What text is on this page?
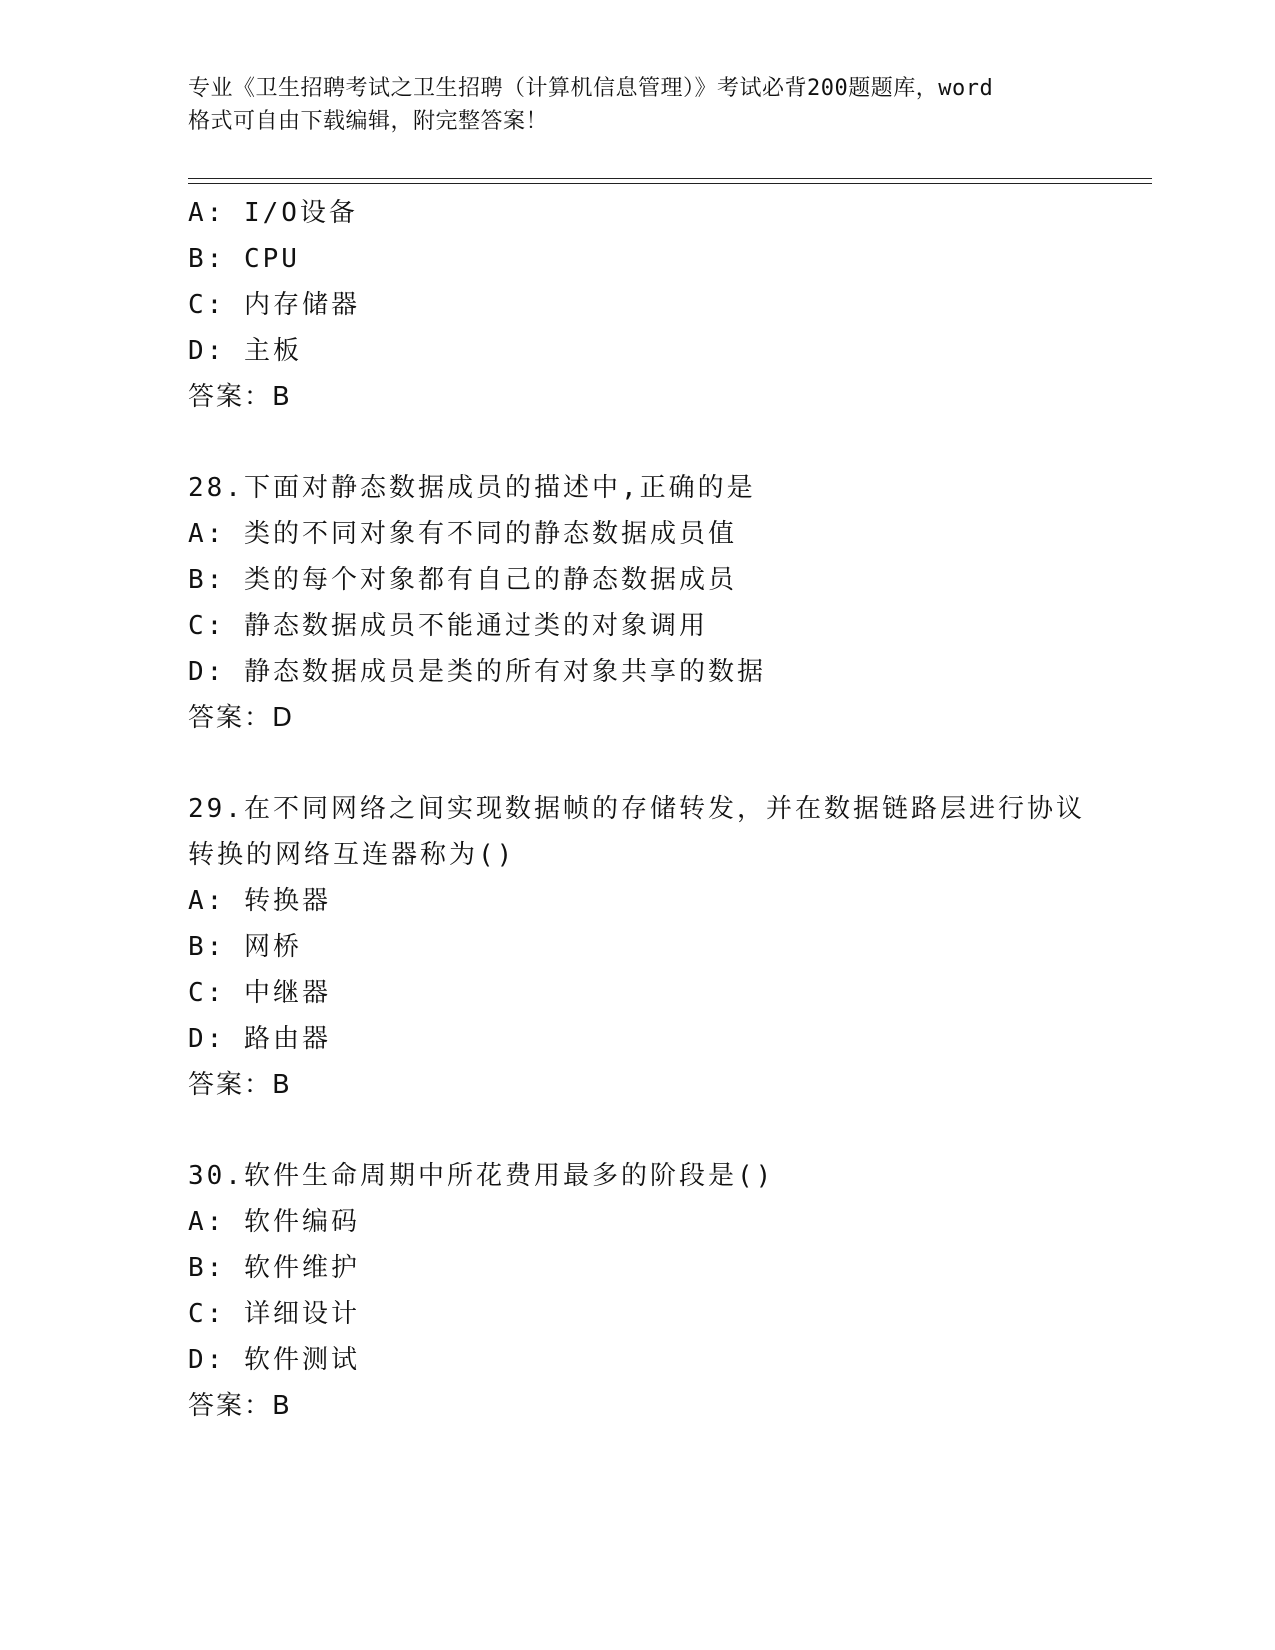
专业《卫生招聘考试之卫生招聘（计算机信息管理）》考试必背200题题库，word
格式可自由下载编辑，附完整答案！
A: I/O设备
B: CPU
C: 内存储器
D: 主板
答案：B
28.下面对静态数据成员的描述中,正确的是
A: 类的不同对象有不同的静态数据成员值
B: 类的每个对象都有自己的静态数据成员
C: 静态数据成员不能通过类的对象调用
D: 静态数据成员是类的所有对象共享的数据
答案：D
29.在不同网络之间实现数据帧的存储转发，并在数据链路层进行协议
转换的网络互连器称为()
A: 转换器
B: 网桥
C: 中继器
D: 路由器
答案：B
30.软件生命周期中所花费用最多的阶段是()
A: 软件编码
B: 软件维护
C: 详细设计
D: 软件测试
答案：B
